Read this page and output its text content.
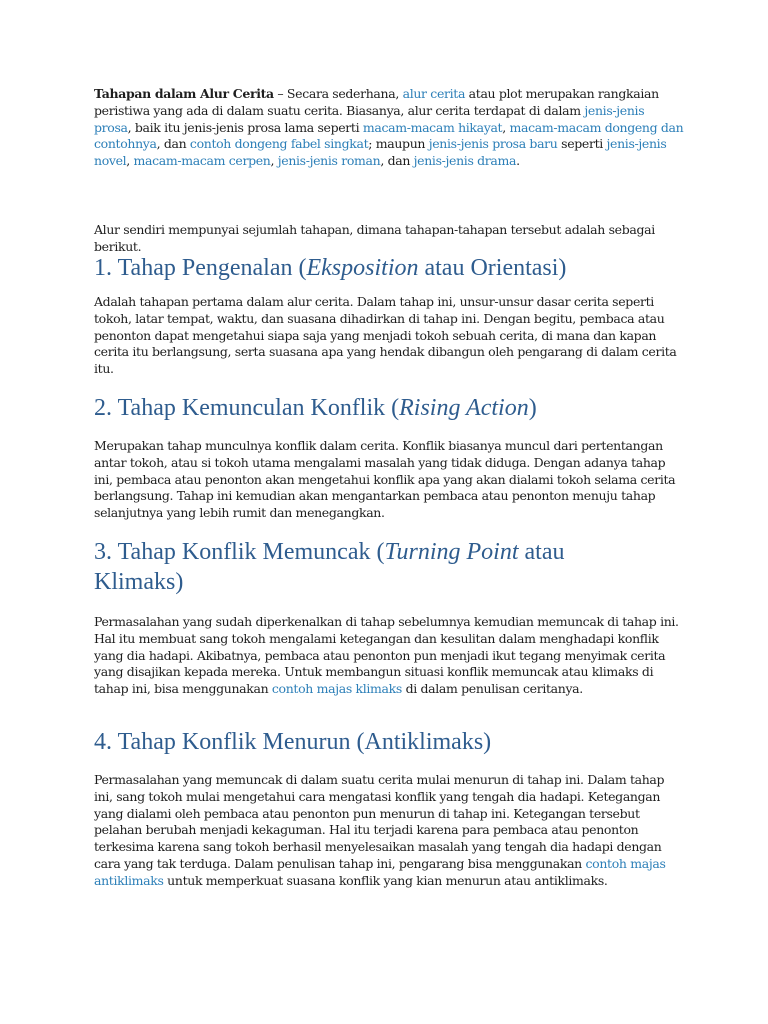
Tahapan dalam Alur Cerita – Secara sederhana, alur cerita atau plot merupakan rangkaian peristiwa yang ada di dalam suatu cerita. Biasanya, alur cerita terdapat di dalam jenis-jenis prosa, baik itu jenis-jenis prosa lama seperti macam-macam hikayat, macam-macam dongeng dan contohnya, dan contoh dongeng fabel singkat; maupun jenis-jenis prosa baru seperti jenis-jenis novel, macam-macam cerpen, jenis-jenis roman, dan jenis-jenis drama.

Alur sendiri mempunyai sejumlah tahapan, dimana tahapan-tahapan tersebut adalah sebagai berikut.

1. Tahap Pengenalan (Eksposition atau Orientasi)

Adalah tahapan pertama dalam alur cerita. Dalam tahap ini, unsur-unsur dasar cerita seperti tokoh, latar tempat, waktu, dan suasana dihadirkan di tahap ini. Dengan begitu, pembaca atau penonton dapat mengetahui siapa saja yang menjadi tokoh sebuah cerita, di mana dan kapan cerita itu berlangsung, serta suasana apa yang hendak dibangun oleh pengarang di dalam cerita itu.

2. Tahap Kemunculan Konflik (Rising Action)

Merupakan tahap munculnya konflik dalam cerita. Konflik biasanya muncul dari pertentangan antar tokoh, atau si tokoh utama mengalami masalah yang tidak diduga. Dengan adanya tahap ini, pembaca atau penonton akan mengetahui konflik apa yang akan dialami tokoh selama cerita berlangsung. Tahap ini kemudian akan mengantarkan pembaca atau penonton menuju tahap selanjutnya yang lebih rumit dan menegangkan.

3. Tahap Konflik Memuncak (Turning Point atau Klimaks)

Permasalahan yang sudah diperkenalkan di tahap sebelumnya kemudian memuncak di tahap ini. Hal itu membuat sang tokoh mengalami ketegangan dan kesulitan dalam menghadapi konflik yang dia hadapi. Akibatnya, pembaca atau penonton pun menjadi ikut tegang menyimak cerita yang disajikan kepada mereka. Untuk membangun situasi konflik memuncak atau klimaks di tahap ini, bisa menggunakan contoh majas klimaks di dalam penulisan ceritanya.

4. Tahap Konflik Menurun (Antiklimaks)

Permasalahan yang memuncak di dalam suatu cerita mulai menurun di tahap ini. Dalam tahap ini, sang tokoh mulai mengetahui cara mengatasi konflik yang tengah dia hadapi. Ketegangan yang dialami oleh pembaca atau penonton pun menurun di tahap ini. Ketegangan tersebut pelahan berubah menjadi kekaguman. Hal itu terjadi karena para pembaca atau penonton terkesima karena sang tokoh berhasil menyelesaikan masalah yang tengah dia hadapi dengan cara yang tak terduga. Dalam penulisan tahap ini, pengarang bisa menggunakan contoh majas antiklimaks untuk memperkuat suasana konflik yang kian menurun atau antiklimaks.
